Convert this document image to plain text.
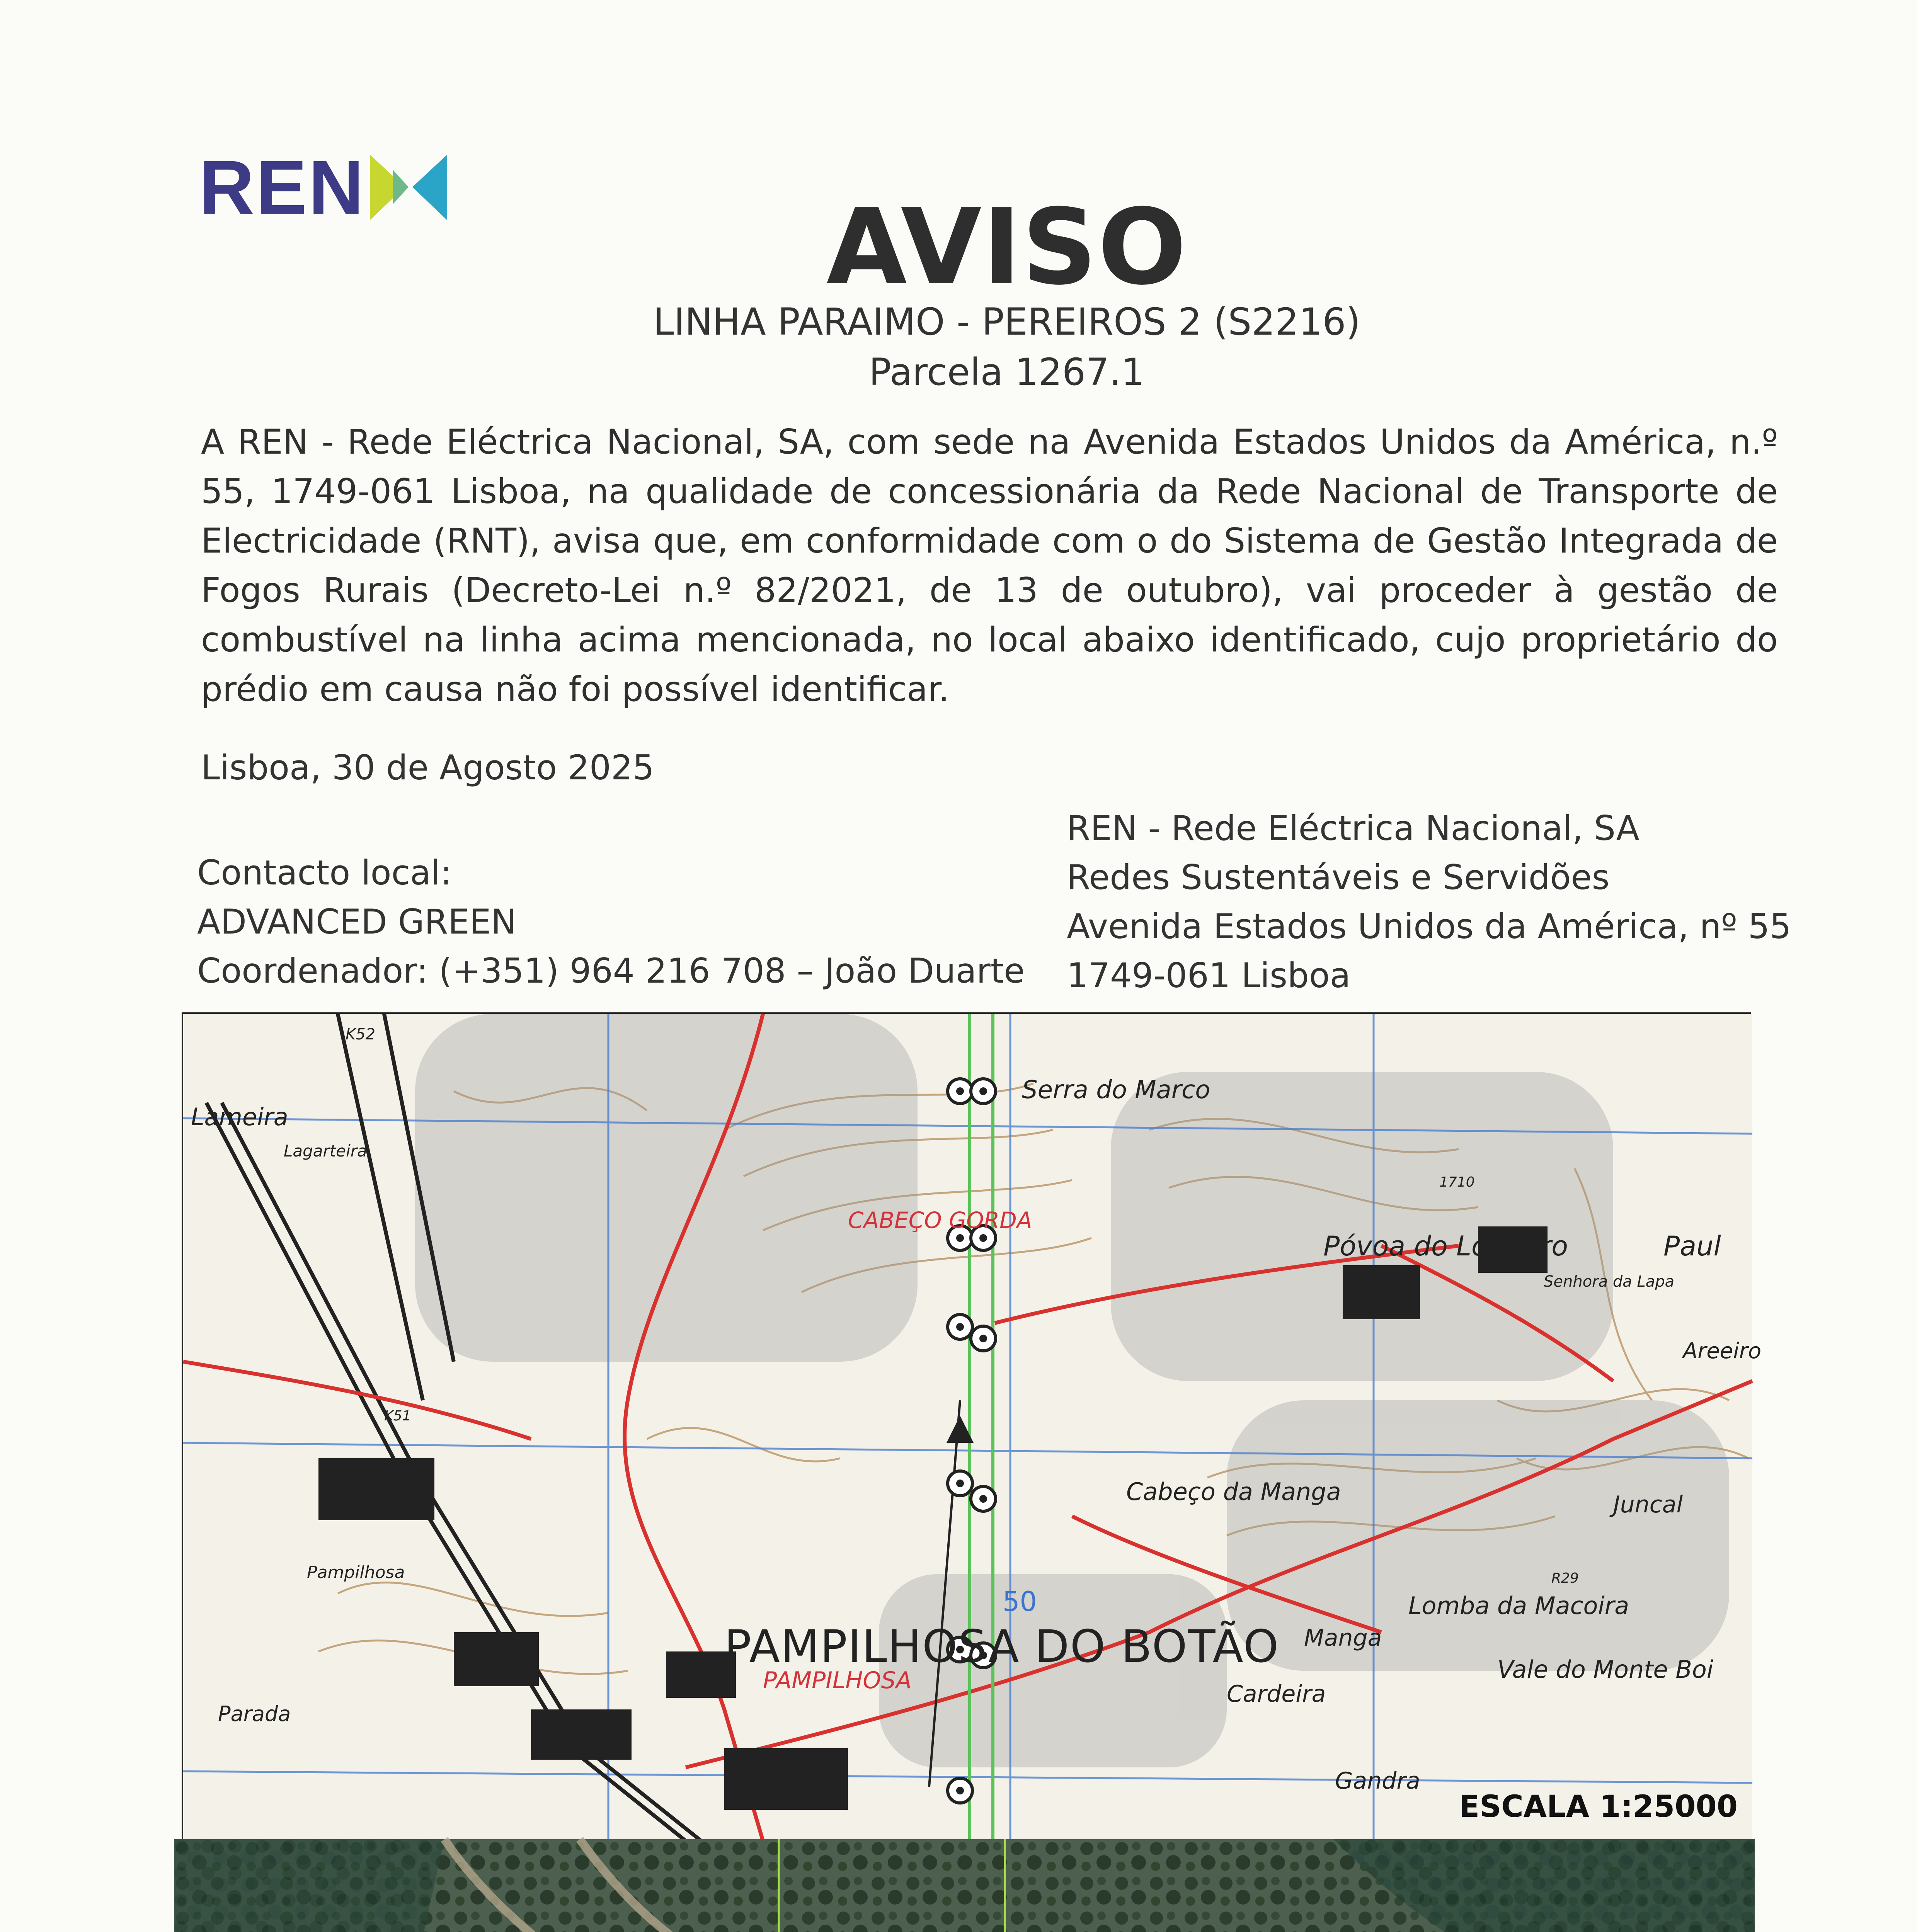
REN	AVISO
LINHA PARAIMO - PEREIROS 2 (S2216)
Parcela 1267.1

A REN - Rede Eléctrica Nacional, SA, com sede na Avenida Estados Unidos da América, n.º 55, 1749-061 Lisboa, na qualidade de concessionária da Rede Nacional de Transporte de Electricidade (RNT), avisa que, em conformidade com o do Sistema de Gestão Integrada de Fogos Rurais (Decreto-Lei n.º 82/2021, de 13 de outubro), vai proceder à gestão de combustível na linha acima mencionada, no local abaixo identificado, cujo proprietário do prédio em causa não foi possível identificar.

Lisboa, 30 de Agosto 2025
Contacto local:
ADVANCED GREEN
Coordenador: (+351) 964 216 708 – João Duarte
REN - Rede Eléctrica Nacional, SA
Redes Sustentáveis e Servidões
Avenida Estados Unidos da América, nº 55
1749-061 Lisboa
PAMPILHOSA DO BOTÃO
PAMPILHOSA
Serra do Marco
CABEÇO GORDA
Póvoa do Loureiro	Paul
Senhora da Lapa
Areeiro
Cabeço da Manga	Juncal
Lomba da Macoira
Manga
Vale do Monte Boi
Cardeira
Gandra
Lameira
Lagarteira
Pampilhosa
Parada
K52
K51
R29
1710
50
ESCALA 1:25000
